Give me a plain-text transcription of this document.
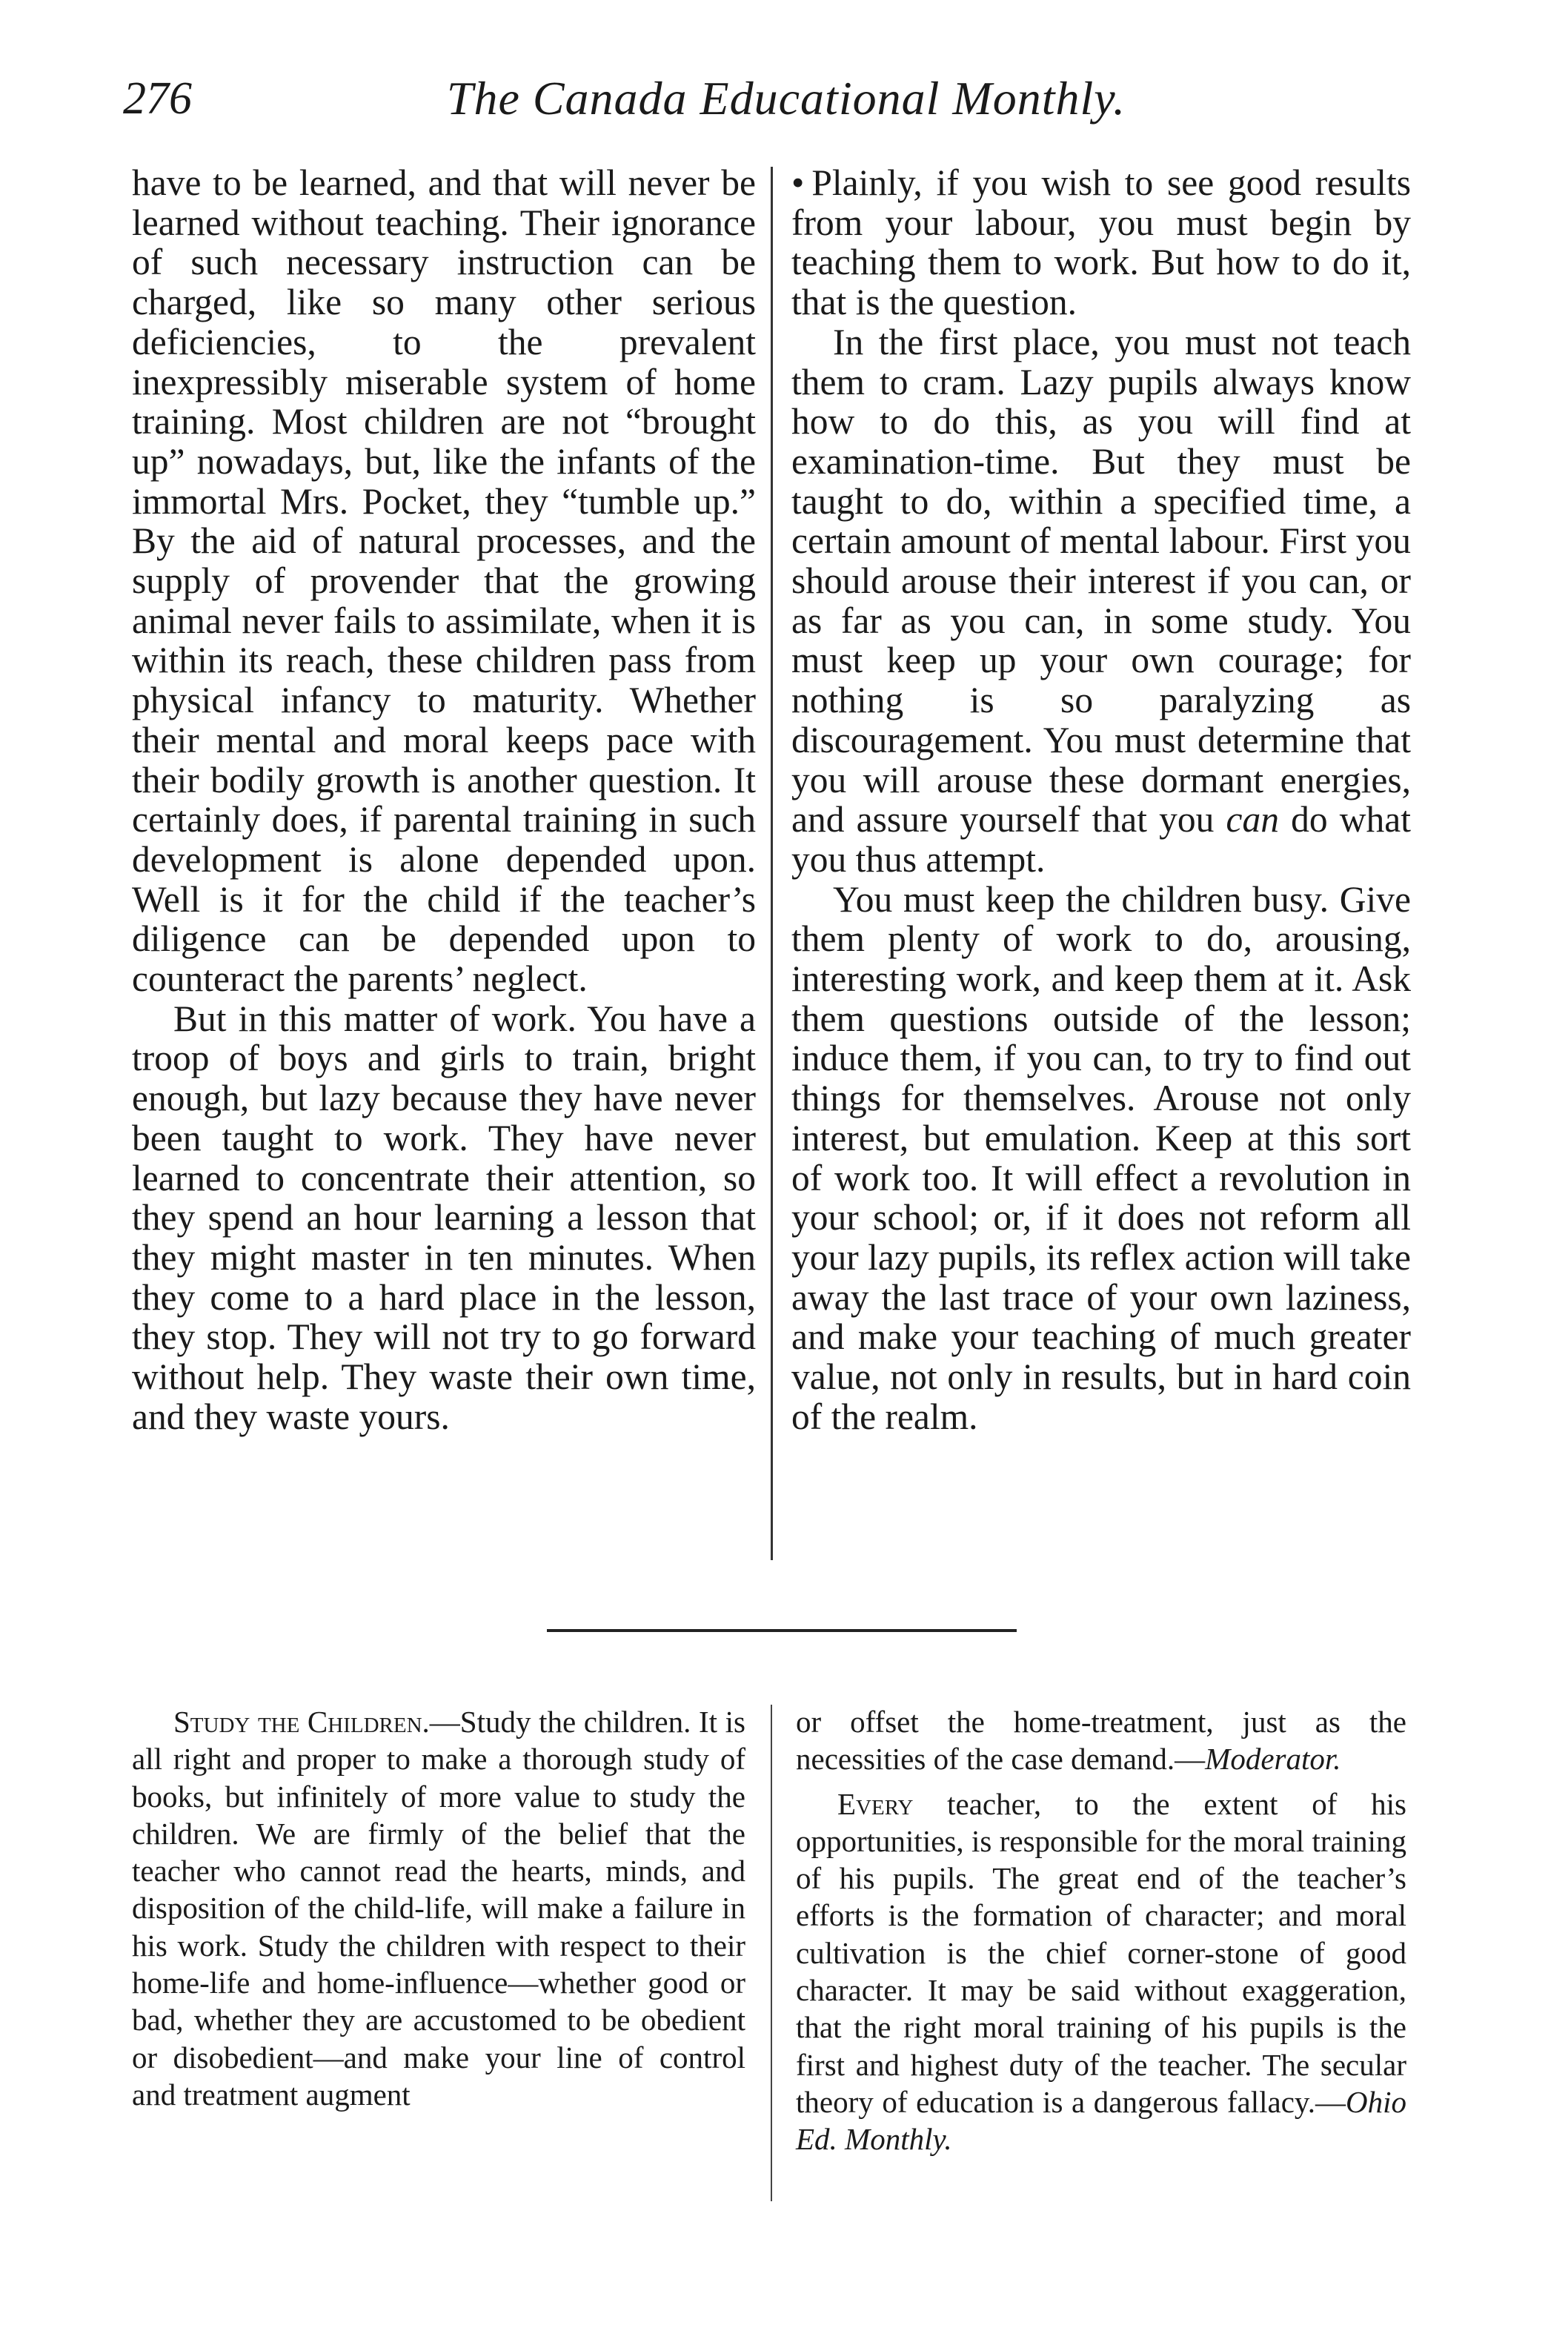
276	The Canada Educational Monthly.

have to be learned, and that will never be learned without teaching. Their ignorance of such necessary instruction can be charged, like so many other serious deficiencies, to the prevalent inexpressibly miserable system of home training. Most children are not “brought up” nowadays, but, like the infants of the immortal Mrs. Pocket, they “tumble up.” By the aid of natural processes, and the supply of provender that the growing animal never fails to assimilate, when it is within its reach, these children pass from physical infancy to maturity. Whether their mental and moral keeps pace with their bodily growth is another question. It certainly does, if parental training in such development is alone depended upon. Well is it for the child if the teacher’s diligence can be depended upon to counteract the parents’ neglect.

But in this matter of work. You have a troop of boys and girls to train, bright enough, but lazy because they have never been taught to work. They have never learned to concentrate their attention, so they spend an hour learning a lesson that they might master in ten minutes. When they come to a hard place in the lesson, they stop. They will not try to go forward without help. They waste their own time, and they waste yours.

• Plainly, if you wish to see good results from your labour, you must begin by teaching them to work. But how to do it, that is the question.

In the first place, you must not teach them to cram. Lazy pupils always know how to do this, as you will find at examination-time. But they must be taught to do, within a specified time, a certain amount of mental labour. First you should arouse their interest if you can, or as far as you can, in some study. You must keep up your own courage; for nothing is so paralyzing as discouragement. You must determine that you will arouse these dormant energies, and assure yourself that you can do what you thus attempt.

You must keep the children busy. Give them plenty of work to do, arousing, interesting work, and keep them at it. Ask them questions outside of the lesson; induce them, if you can, to try to find out things for themselves. Arouse not only interest, but emulation. Keep at this sort of work too. It will effect a revolution in your school; or, if it does not reform all your lazy pupils, its reflex action will take away the last trace of your own laziness, and make your teaching of much greater value, not only in results, but in hard coin of the realm.

Study the Children.—Study the children. It is all right and proper to make a thorough study of books, but infinitely of more value to study the children. We are firmly of the belief that the teacher who cannot read the hearts, minds, and disposition of the child-life, will make a failure in his work. Study the children with respect to their home-life and home-influence—whether good or bad, whether they are accustomed to be obedient or disobedient—and make your line of control and treatment augment

or offset the home-treatment, just as the necessities of the case demand.—Moderator.

Every teacher, to the extent of his opportunities, is responsible for the moral training of his pupils. The great end of the teacher’s efforts is the formation of character; and moral cultivation is the chief corner-stone of good character. It may be said without exaggeration, that the right moral training of his pupils is the first and highest duty of the teacher. The secular theory of education is a dangerous fallacy.—Ohio Ed. Monthly.
